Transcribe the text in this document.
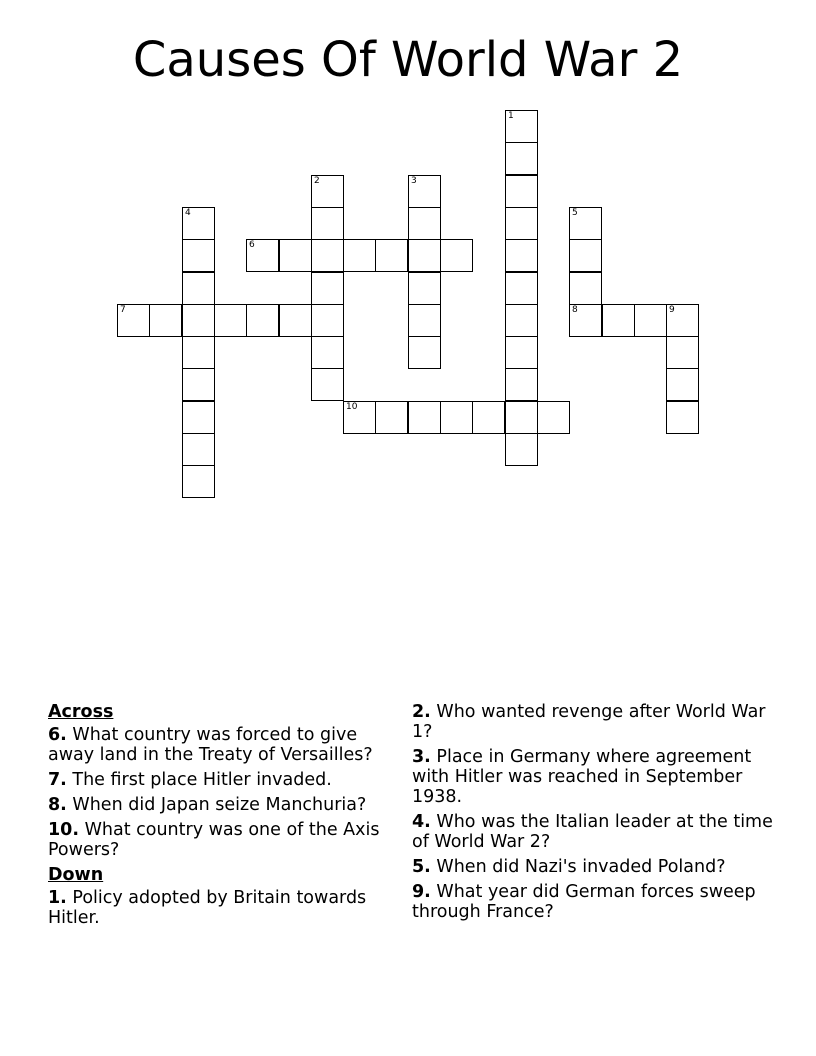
Causes Of World War 2
1
2	3
4	5
8
6
7	9
10
Across
6. What country was forced to give away land in the Treaty of Versailles?
7. The first place Hitler invaded.
8. When did Japan seize Manchuria?
10. What country was one of the Axis Powers?
Down
1. Policy adopted by Britain towards Hitler.
2. Who wanted revenge after World War 1?
3. Place in Germany where agreement with Hitler was reached in September 1938.
4. Who was the Italian leader at the time of World War 2?
5. When did Nazi's invaded Poland?
9. What year did German forces sweep through France?
